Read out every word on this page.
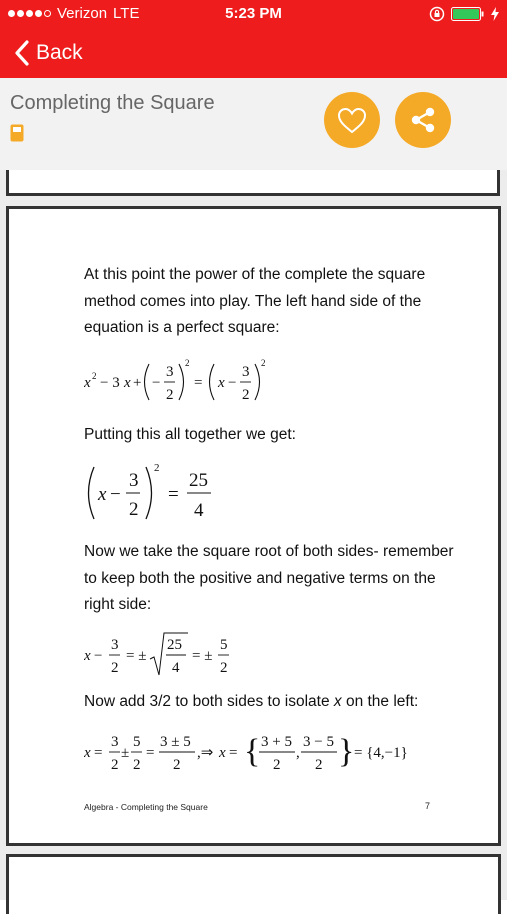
Verizon LTE	5:23 PM
Back
Completing the Square

At this point the power of the complete the square method comes into play. The left hand side of the equation is a perfect square:

x 2 − 3 x + −
3
2
2
= x −
3
2
2

Putting this all together we get:

x −
3
2
2
=
25
4

Now we take the square root of both sides- remember to keep both the positive and negative terms on the right side:

x −
3
2
= ±
25
4
= ±
5
2

Now add 3/2 to both sides to isolate x on the left:

x =
3
2
±
5
2
=
3 ± 5
2
,⇒ x = { 3 + 5
2
,
3 − 5
2 } = {4,−1}
Algebra - Completing the Square	7
